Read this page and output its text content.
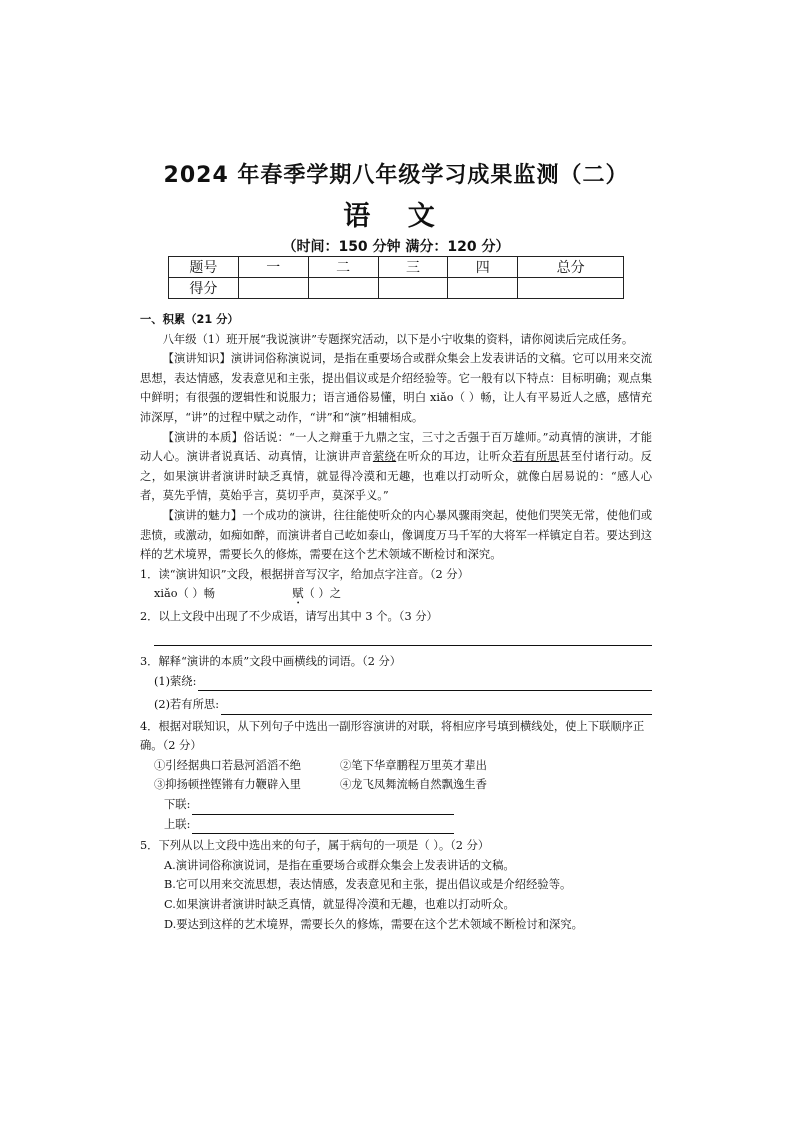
2024 年春季学期八年级学习成果监测（二）
语 文
（时间：150 分钟 满分：120 分）
题号	一	二	三	四	总分
得分					
一、积累（21 分）

八年级（1）班开展“我说演讲”专题探究活动，以下是小宁收集的资料，请你阅读后完成任务。

【演讲知识】演讲词俗称演说词，是指在重要场合或群众集会上发表讲话的文稿。它可以用来交流思想，表达情感，发表意见和主张，提出倡议或是介绍经验等。它一般有以下特点：目标明确；观点集中鲜明；有很强的逻辑性和说服力；语言通俗易懂，明白 xiǎo（ ）畅，让人有平易近人之感，感情充沛深厚，“讲”的过程中赋之动作，“讲”和“演”相辅相成。

【演讲的本质】俗话说：“一人之辩重于九鼎之宝，三寸之舌强于百万雄师。”动真情的演讲，才能动人心。演讲者说真话、动真情，让演讲声音萦绕在听众的耳边，让听众若有所思甚至付诸行动。反之，如果演讲者演讲时缺乏真情，就显得冷漠和无趣，也难以打动听众，就像白居易说的：“感人心者，莫先乎情，莫始乎言，莫切乎声，莫深乎义。”

【演讲的魅力】一个成功的演讲，往往能使听众的内心暴风骤雨突起，使他们哭笑无常，使他们或悲愤，或激动，如痴如醉，而演讲者自己屹如泰山，像调度万马千军的大将军一样镇定自若。要达到这样的艺术境界，需要长久的修炼，需要在这个艺术领域不断检讨和深究。

1．读“演讲知识”文段，根据拼音写汉字，给加点字注音。（2 分）

xiǎo（ ）畅	赋（ ）之

2．以上文段中出现了不少成语，请写出其中 3 个。（3 分）

3．解释“演讲的本质”文段中画横线的词语。（2 分）

(1)萦绕:
(2)若有所思:

4．根据对联知识，从下列句子中选出一副形容演讲的对联，将相应序号填到横线处，使上下联顺序正确。（2 分）

①引经据典口若悬河滔滔不绝	②笔下华章鹏程万里英才辈出
③抑扬顿挫铿锵有力鞭辟入里	④龙飞凤舞流畅自然飘逸生香
下联:
上联:

5．下列从以上文段中选出来的句子，属于病句的一项是（ ）。（2 分）

A.演讲词俗称演说词，是指在重要场合或群众集会上发表讲话的文稿。

B.它可以用来交流思想，表达情感，发表意见和主张，提出倡议或是介绍经验等。

C.如果演讲者演讲时缺乏真情，就显得冷漠和无趣，也难以打动听众。

D.要达到这样的艺术境界，需要长久的修炼，需要在这个艺术领域不断检讨和深究。
